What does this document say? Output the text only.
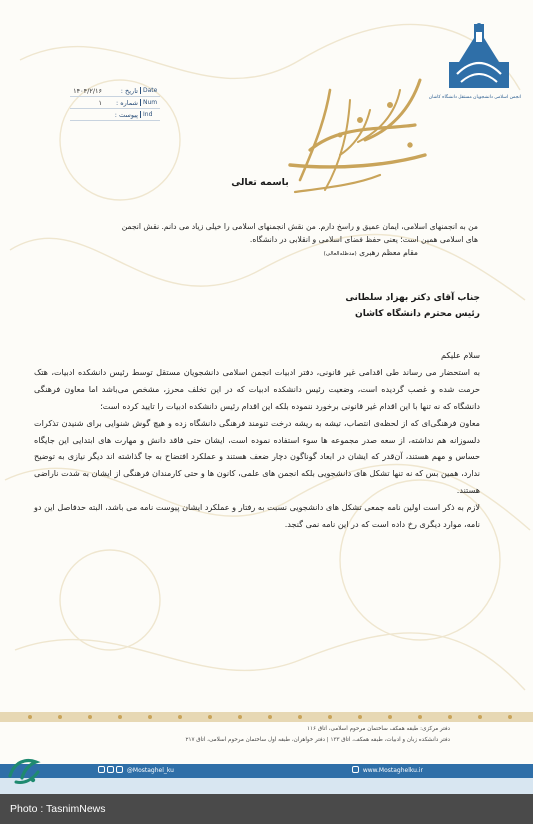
انجمن اسلامی دانشجویان مستقل دانشگاه کاشان
۱۴۰۴/۲/۱۶	تاریخ : Date
۱	شماره : Num
پیوست : Ind
باسمه تعالی
من به انجمنهای اسلامی، ایمان عمیق و راسخ دارم. من نقش انجمنهای اسلامی را خیلی زیاد می دانم. نقش انجمن
های اسلامی همین است؛ یعنی حفظ فضای اسلامی و انقلابی در دانشگاه.
مقام معظم رهبری (مدظله‌العالی)
جناب آقای دکتر بهزاد سلطانی
رئیس محترم دانشگاه کاشان

سلام علیکم

به استحضار می رساند طی اقدامی غیر قانونی، دفتر ادبیات انجمن اسلامی دانشجویان مستقل توسط رئیس دانشکده ادبیات، هتک حرمت شده و غصب گردیده است، وضعیت رئیس دانشکده ادبیات که در این تخلف محرز، مشخص می‌باشد اما معاون فرهنگی دانشگاه که نه تنها با این اقدام غیر قانونی برخورد ننموده بلکه این اقدام رئیس دانشکده ادبیات را تایید کرده است؛

معاون فرهنگی‌ای که از لحظه‌ی انتصاب، تیشه به ریشه درخت تنومند فرهنگی دانشگاه زده و هیچ گوش شنوایی برای شنیدن تذکرات دلسوزانه هم نداشته، از سعه صدر مجموعه ها سوء استفاده نموده است، ایشان حتی فاقد دانش و مهارت های ابتدایی این جایگاه حساس و مهم هستند، آن‌قدر که ایشان در ابعاد گوناگون دچار ضعف هستند و عملکرد افتضاح به جا گذاشته اند دیگر نیازی به توضیح ندارد، همین بس که نه تنها تشکل های دانشجویی بلکه انجمن های علمی، کانون ها و حتی کارمندان فرهنگی از ایشان به شدت ناراضی هستند.

لازم به ذکر است اولین نامه جمعی تشکل های دانشجویی نسبت به رفتار و عملکرد ایشان پیوست نامه می باشد، البته حدفاصل این دو نامه، موارد دیگری رخ داده است که در این نامه نمی گنجد.

دفتر مرکزی: طبقه همکف ساختمان مرحوم اسلامی، اتاق ۱۱۶
دفتر دانشکده زبان و ادبیات، طبقه همکف، اتاق ۱۳۳ | دفتر خواهران، طبقه اول ساختمان مرحوم اسلامی، اتاق ۲۱۷
@Mostaghel_ku	www.Mostaghelku.ir
Photo : TasnimNews
